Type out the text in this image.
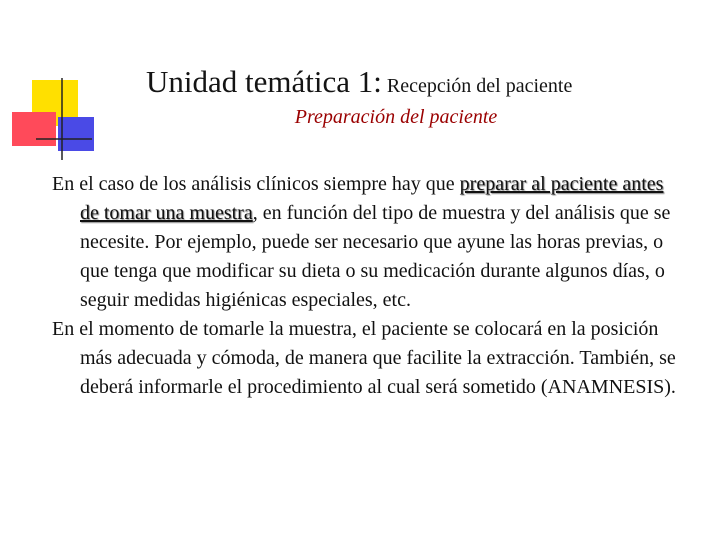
Unidad temática 1: Recepción del paciente
Preparación del paciente

En el caso de los análisis clínicos siempre hay que preparar al paciente antes de tomar una muestra, en función del tipo de muestra y del análisis que se necesite. Por ejemplo, puede ser necesario que ayune las horas previas, o que tenga que modificar su dieta o su medicación durante algunos días, o seguir medidas higiénicas especiales, etc.

En el momento de tomarle la muestra, el paciente se colocará en la posición más adecuada y cómoda, de manera que facilite la extracción. También, se deberá informarle el procedimiento al cual será sometido (ANAMNESIS).
